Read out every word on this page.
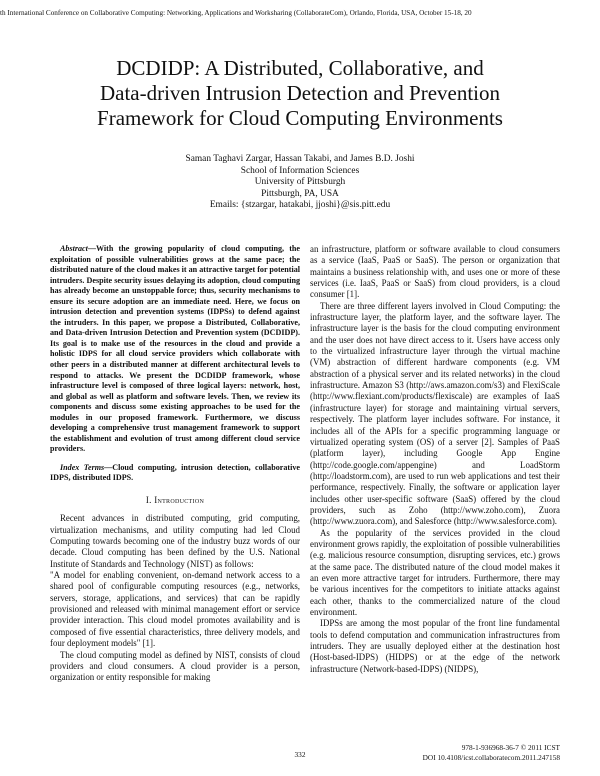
th International Conference on Collaborative Computing: Networking, Applications and Worksharing (CollaborateCom), Orlando, Florida, USA, October 15-18, 20
DCDIDP: A Distributed, Collaborative, and
Data-driven Intrusion Detection and Prevention
Framework for Cloud Computing Environments
Saman Taghavi Zargar, Hassan Takabi, and James B.D. Joshi
School of Information Sciences
University of Pittsburgh
Pittsburgh, PA, USA
Emails: {stzargar, hatakabi, jjoshi}@sis.pitt.edu

Abstract—With the growing popularity of cloud computing, the exploitation of possible vulnerabilities grows at the same pace; the distributed nature of the cloud makes it an attractive target for potential intruders. Despite security issues delaying its adoption, cloud computing has already become an unstoppable force; thus, security mechanisms to ensure its secure adoption are an immediate need. Here, we focus on intrusion detection and prevention systems (IDPSs) to defend against the intruders. In this paper, we propose a Distributed, Collaborative, and Data-driven Intrusion Detection and Prevention system (DCDIDP). Its goal is to make use of the resources in the cloud and provide a holistic IDPS for all cloud service providers which collaborate with other peers in a distributed manner at different architectural levels to respond to attacks. We present the DCDIDP framework, whose infrastructure level is composed of three logical layers: network, host, and global as well as platform and software levels. Then, we review its components and discuss some existing approaches to be used for the modules in our proposed framework. Furthermore, we discuss developing a comprehensive trust management framework to support the establishment and evolution of trust among different cloud service providers.

Index Terms—Cloud computing, intrusion detection, collaborative IDPS, distributed IDPS.

I. Introduction

Recent advances in distributed computing, grid computing, virtualization mechanisms, and utility computing had led Cloud Computing towards becoming one of the industry buzz words of our decade. Cloud computing has been defined by the U.S. National Institute of Standards and Technology (NIST) as follows:

"A model for enabling convenient, on-demand network access to a shared pool of configurable computing resources (e.g., networks, servers, storage, applications, and services) that can be rapidly provisioned and released with minimal management effort or service provider interaction. This cloud model promotes availability and is composed of five essential characteristics, three delivery models, and four deployment models" [1].

The cloud computing model as defined by NIST, consists of cloud providers and cloud consumers. A cloud provider is a person, organization or entity responsible for making

an infrastructure, platform or software available to cloud consumers as a service (IaaS, PaaS or SaaS). The person or organization that maintains a business relationship with, and uses one or more of these services (i.e. IaaS, PaaS or SaaS) from cloud providers, is a cloud consumer [1].

There are three different layers involved in Cloud Computing: the infrastructure layer, the platform layer, and the software layer. The infrastructure layer is the basis for the cloud computing environment and the user does not have direct access to it. Users have access only to the virtualized infrastructure layer through the virtual machine (VM) abstraction of different hardware components (e.g. VM abstraction of a physical server and its related networks) in the cloud infrastructure. Amazon S3 (http://aws.amazon.com/s3) and FlexiScale (http://www.flexiant.com/products/flexiscale) are examples of IaaS (infrastructure layer) for storage and maintaining virtual servers, respectively. The platform layer includes software. For instance, it includes all of the APIs for a specific programming language or virtualized operating system (OS) of a server [2]. Samples of PaaS (platform layer), including Google App Engine (http://code.google.com/appengine) and LoadStorm (http://loadstorm.com), are used to run web applications and test their performance, respectively. Finally, the software or application layer includes other user-specific software (SaaS) offered by the cloud providers, such as Zoho (http://www.zoho.com), Zuora (http://www.zuora.com), and Salesforce (http://www.salesforce.com).

As the popularity of the services provided in the cloud environment grows rapidly, the exploitation of possible vulnerabilities (e.g. malicious resource consumption, disrupting services, etc.) grows at the same pace. The distributed nature of the cloud model makes it an even more attractive target for intruders. Furthermore, there may be various incentives for the competitors to initiate attacks against each other, thanks to the commercialized nature of the cloud environment.

IDPSs are among the most popular of the front line fundamental tools to defend computation and communication infrastructures from intruders. They are usually deployed either at the destination host (Host-based-IDPS) (HIDPS) or at the edge of the network infrastructure (Network-based-IDPS) (NIDPS),

332
978-1-936968-36-7 © 2011 ICST
DOI 10.4108/icst.collaboratecom.2011.247158
